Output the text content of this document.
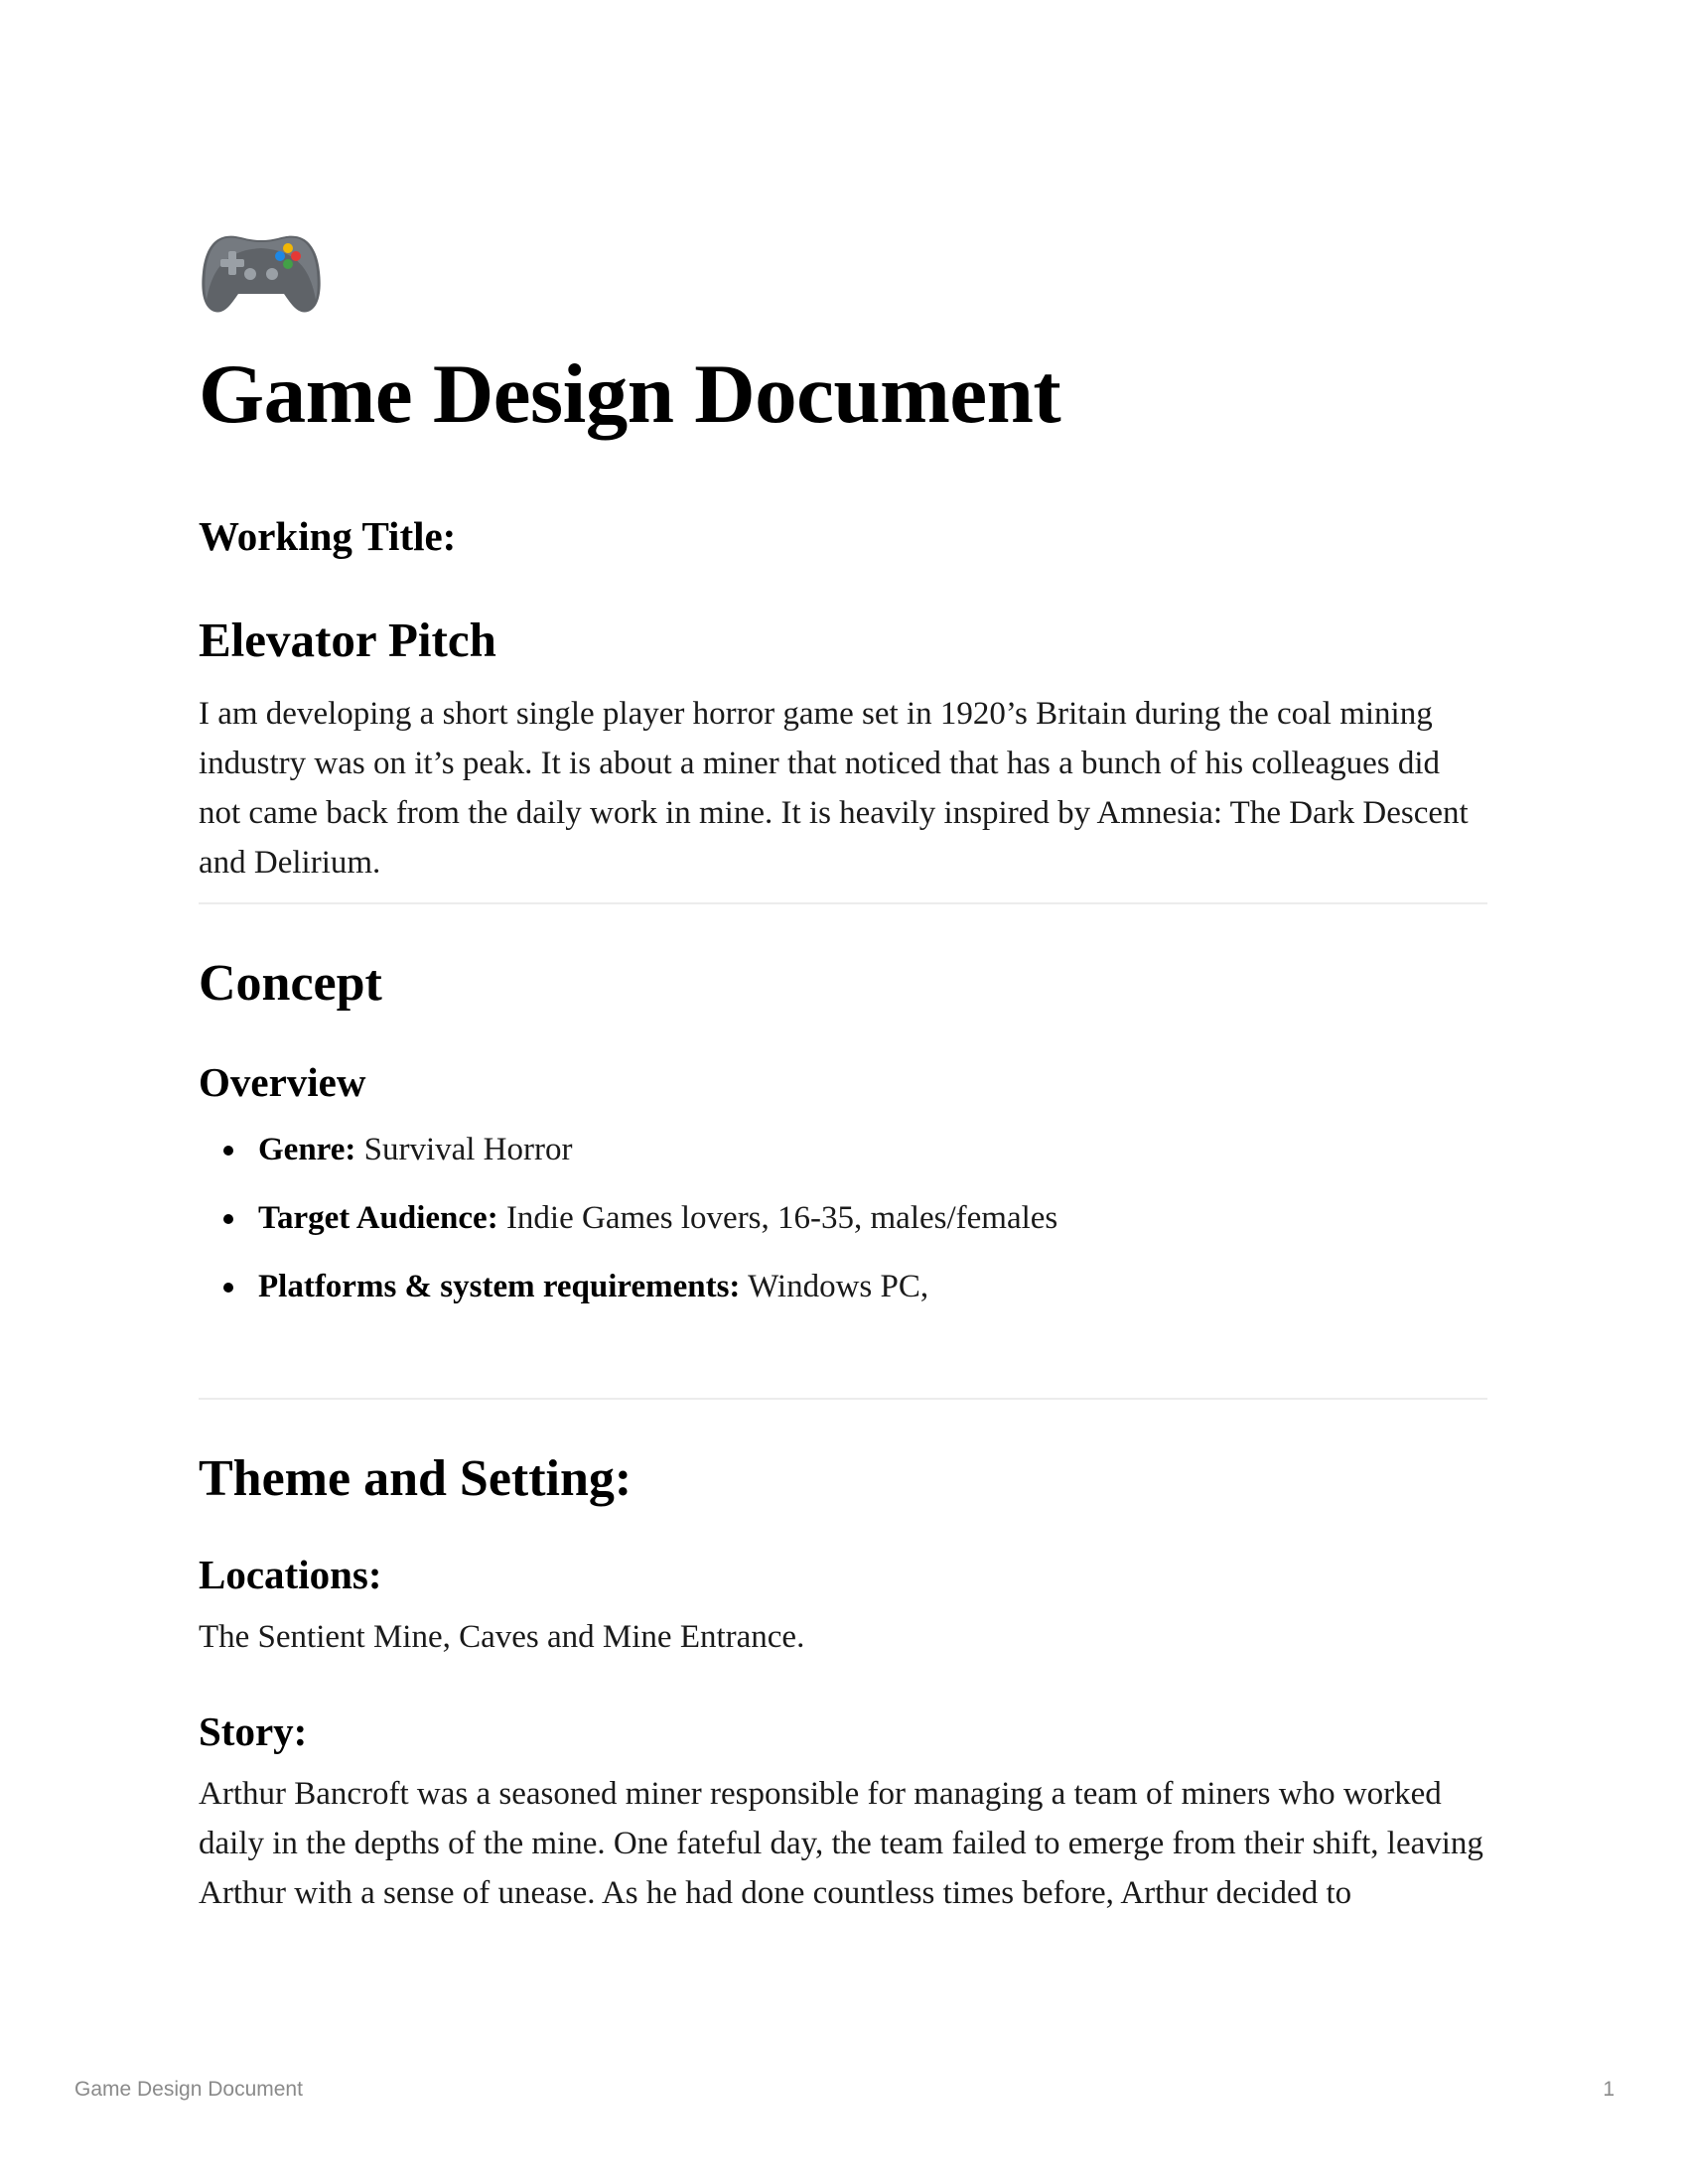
Game Design Document
Working Title:
Elevator Pitch

I am developing a short single player horror game set in 1920’s Britain during the coal mining industry was on it’s peak. It is about a miner that noticed that has a bunch of his colleagues did not came back from the daily work in mine. It is heavily inspired by Amnesia: The Dark Descent and Delirium.

Concept
Overview
Genre: Survival Horror
Target Audience: Indie Games lovers, 16-35, males/females
Platforms & system requirements: Windows PC,
Theme and Setting:
Locations:

The Sentient Mine, Caves and Mine Entrance.

Story:

Arthur Bancroft was a seasoned miner responsible for managing a team of miners who worked daily in the depths of the mine. One fateful day, the team failed to emerge from their shift, leaving Arthur with a sense of unease. As he had done countless times before, Arthur decided to

Game Design Document	1
